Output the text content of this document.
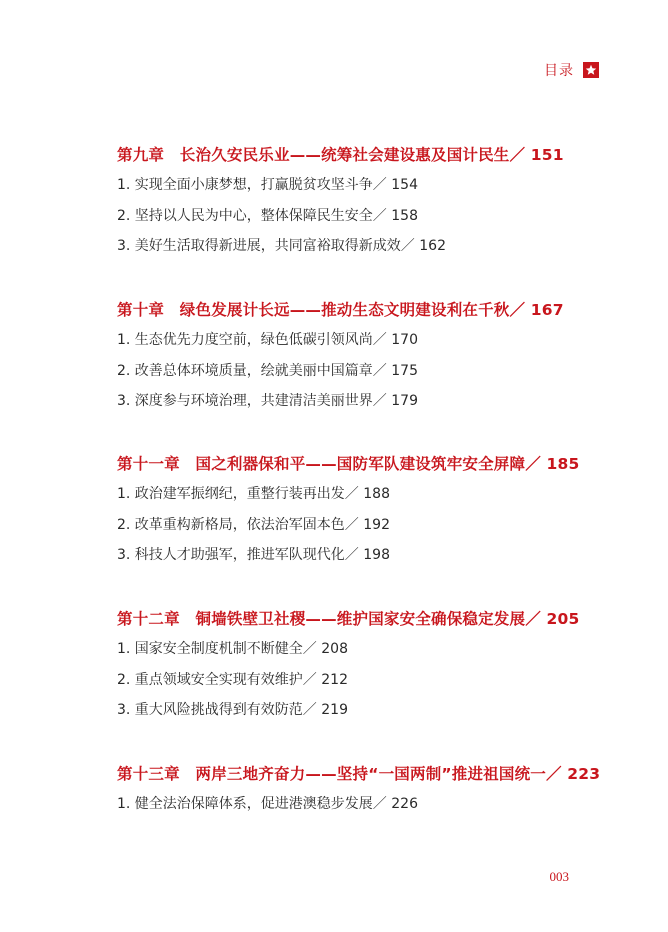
目录
第九章　长治久安民乐业——统筹社会建设惠及国计民生／ 151
1. 实现全面小康梦想，打赢脱贫攻坚斗争／ 154
2. 坚持以人民为中心，整体保障民生安全／ 158
3. 美好生活取得新进展，共同富裕取得新成效／ 162
第十章　绿色发展计长远——推动生态文明建设利在千秋／ 167
1. 生态优先力度空前，绿色低碳引领风尚／ 170
2. 改善总体环境质量，绘就美丽中国篇章／ 175
3. 深度参与环境治理，共建清洁美丽世界／ 179
第十一章　国之利器保和平——国防军队建设筑牢安全屏障／ 185
1. 政治建军振纲纪，重整行装再出发／ 188
2. 改革重构新格局，依法治军固本色／ 192
3. 科技人才助强军，推进军队现代化／ 198
第十二章　铜墙铁壁卫社稷——维护国家安全确保稳定发展／ 205
1. 国家安全制度机制不断健全／ 208
2. 重点领域安全实现有效维护／ 212
3. 重大风险挑战得到有效防范／ 219
第十三章　两岸三地齐奋力——坚持“一国两制”推进祖国统一／ 223
1. 健全法治保障体系，促进港澳稳步发展／ 226
003
